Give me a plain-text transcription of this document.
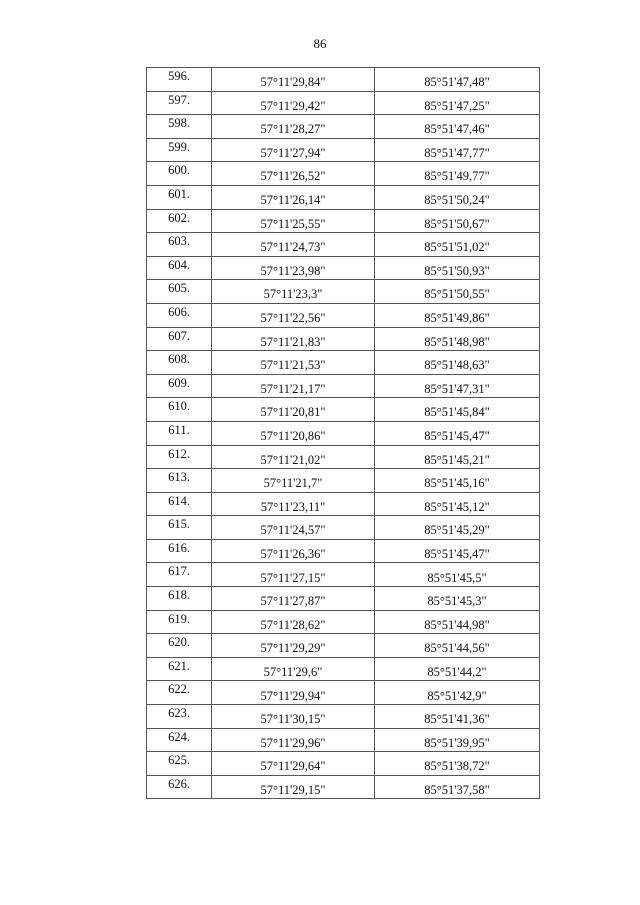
86
596.	57°11'29,84"	85°51'47,48"
597.	57°11'29,42"	85°51'47,25"
598.	57°11'28,27"	85°51'47,46"
599.	57°11'27,94"	85°51'47,77"
600.	57°11'26,52"	85°51'49,77"
601.	57°11'26,14"	85°51'50,24"
602.	57°11'25,55"	85°51'50,67"
603.	57°11'24,73"	85°51'51,02"
604.	57°11'23,98"	85°51'50,93"
605.	57°11'23,3"	85°51'50,55"
606.	57°11'22,56"	85°51'49,86"
607.	57°11'21,83"	85°51'48,98"
608.	57°11'21,53"	85°51'48,63"
609.	57°11'21,17"	85°51'47,31"
610.	57°11'20,81"	85°51'45,84"
611.	57°11'20,86"	85°51'45,47"
612.	57°11'21,02"	85°51'45,21"
613.	57°11'21,7"	85°51'45,16"
614.	57°11'23,11"	85°51'45,12"
615.	57°11'24,57"	85°51'45,29"
616.	57°11'26,36"	85°51'45,47"
617.	57°11'27,15"	85°51'45,5"
618.	57°11'27,87"	85°51'45,3"
619.	57°11'28,62"	85°51'44,98"
620.	57°11'29,29"	85°51'44,56"
621.	57°11'29,6"	85°51'44,2"
622.	57°11'29,94"	85°51'42,9"
623.	57°11'30,15"	85°51'41,36"
624.	57°11'29,96"	85°51'39,95"
625.	57°11'29,64"	85°51'38,72"
626.	57°11'29,15"	85°51'37,58"
